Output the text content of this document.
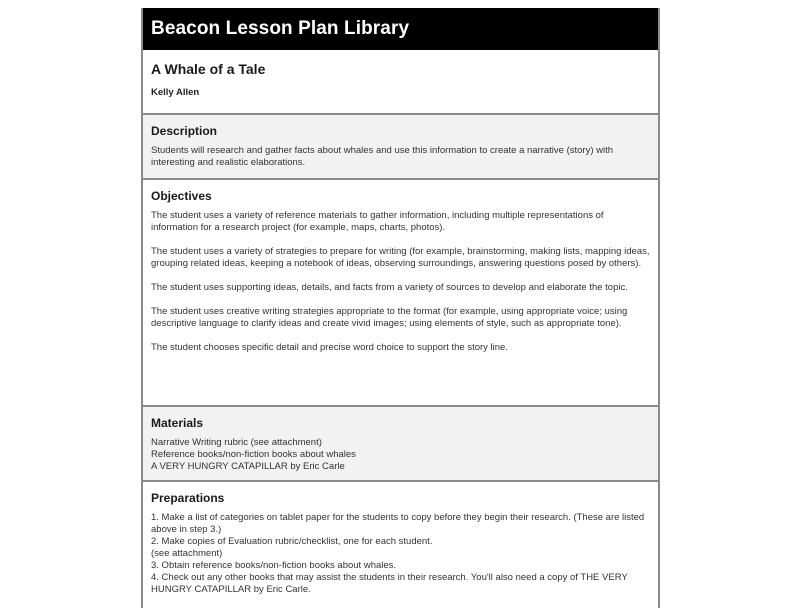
Beacon Lesson Plan Library
A Whale of a Tale
Kelly Allen
Description

Students will research and gather facts about whales and use this information to create a narrative (story) with interesting and realistic elaborations.

Objectives

The student uses a variety of reference materials to gather information, including multiple representations of information for a research project (for example, maps, charts, photos).

The student uses a variety of strategies to prepare for writing (for example, brainstorming, making lists, mapping ideas, grouping related ideas, keeping a notebook of ideas, observing surroundings, answering questions posed by others).

The student uses supporting ideas, details, and facts from a variety of sources to develop and elaborate the topic.

The student uses creative writing strategies appropriate to the format (for example, using appropriate voice; using descriptive language to clarify ideas and create vivid images; using elements of style, such as appropriate tone).

The student chooses specific detail and precise word choice to support the story line.

Materials
Narrative Writing rubric (see attachment)
Reference books/non-fiction books about whales
A VERY HUNGRY CATAPILLAR by Eric Carle
Preparations
1. Make a list of categories on tablet paper for the students to copy before they begin their research. (These are listed above in step 3.)
2. Make copies of Evaluation rubric/checklist, one for each student.
(see attachment)
3. Obtain reference books/non-fiction books about whales.
4. Check out any other books that may assist the students in their research. You'll also need a copy of THE VERY HUNGRY CATAPILLAR by Eric Carle.
